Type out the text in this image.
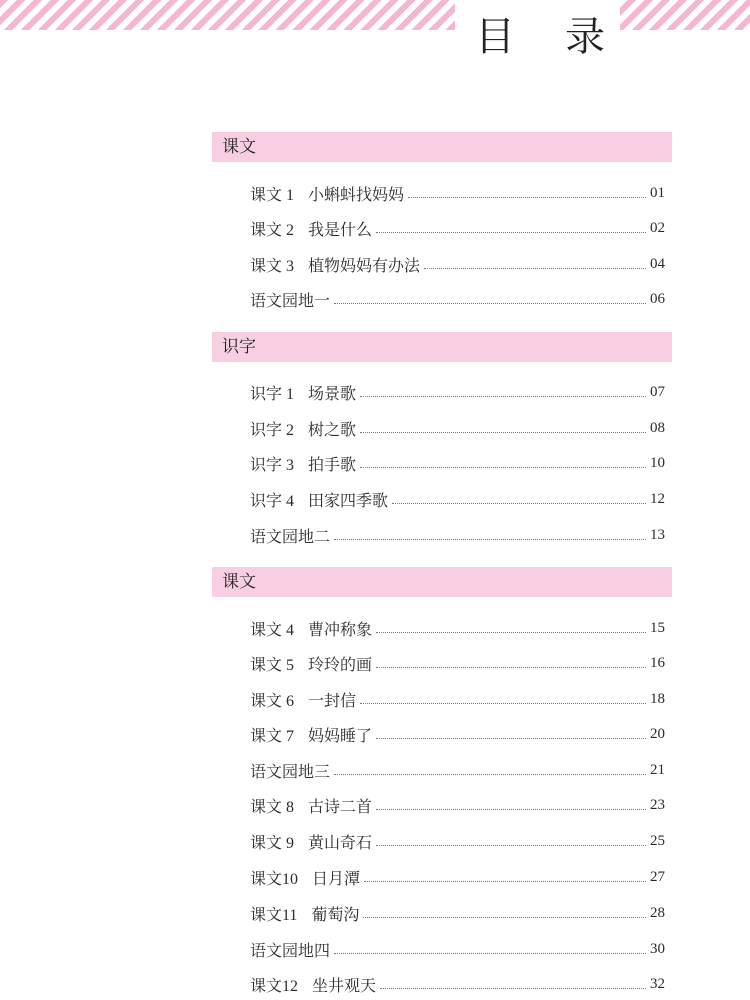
目 录
课文
课文 1 小蝌蚪找妈妈	01
课文 2 我是什么	02
课文 3 植物妈妈有办法	04
语文园地一	06
识字
识字 1 场景歌	07
识字 2 树之歌	08
识字 3 拍手歌	10
识字 4 田家四季歌	12
语文园地二	13
课文
课文 4 曹冲称象	15
课文 5 玲玲的画	16
课文 6 一封信	18
课文 7 妈妈睡了	20
语文园地三	21
课文 8 古诗二首	23
课文 9 黄山奇石	25
课文10 日月潭	27
课文11 葡萄沟	28
语文园地四	30
课文12 坐井观天	32
